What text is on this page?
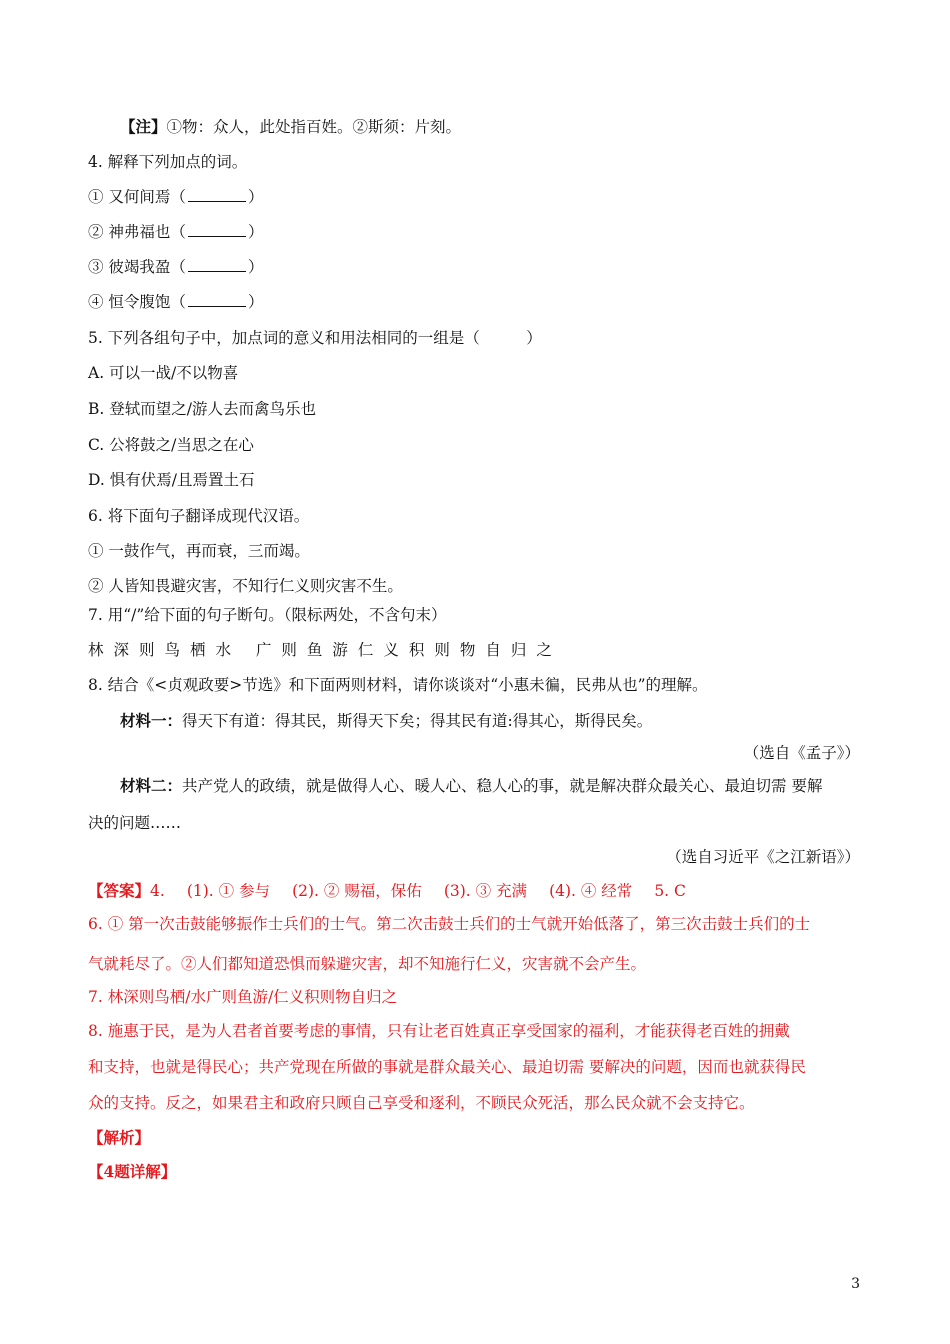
【注】①物：众人，此处指百姓。②斯须：片刻。
4. 解释下列加点的词。
① 又何间焉（	）
② 神弗福也（	）
③ 彼竭我盈（	）
④ 恒令腹饱（	）
5. 下列各组句子中，加点词的意义和用法相同的一组是（　　　）
A. 可以一战/不以物喜
B. 登轼而望之/游人去而禽鸟乐也
C. 公将鼓之/当思之在心
D. 惧有伏焉/且焉置土石
6. 将下面句子翻译成现代汉语。
① 一鼓作气，再而衰，三而竭。
② 人皆知畏避灾害，不知行仁义则灾害不生。
7. 用“/”给下面的句子断句。（限标两处，不含句末）
林深则鸟栖水 广则鱼游仁义积则物自归之
8. 结合《<贞观政要>节选》和下面两则材料，请你谈谈对“小惠未徧，民弗从也”的理解。
材料一：得天下有道：得其民，斯得天下矣；得其民有道:得其心，斯得民矣。
（选自《孟子》）
材料二：共产党人的政绩，就是做得人心、暖人心、稳人心的事，就是解决群众最关心、最迫切需 要解
决的问题……
（选自习近平《之江新语》）
【答案】4. (1). ① 参与 (2). ② 赐福，保佑 (3). ③ 充满 (4). ④ 经常 5. C
6. ① 第一次击鼓能够振作士兵们的士气。第二次击鼓士兵们的士气就开始低落了，第三次击鼓士兵们的士
气就耗尽了。②人们都知道恐惧而躲避灾害，却不知施行仁义，灾害就不会产生。
7. 林深则鸟栖/水广则鱼游/仁义积则物自归之
8. 施惠于民，是为人君者首要考虑的事情，只有让老百姓真正享受国家的福利，才能获得老百姓的拥戴
和支持，也就是得民心；共产党现在所做的事就是群众最关心、最迫切需 要解决的问题，因而也就获得民
众的支持。反之，如果君主和政府只顾自己享受和逐利，不顾民众死活，那么民众就不会支持它。
【解析】
【4题详解】
3
